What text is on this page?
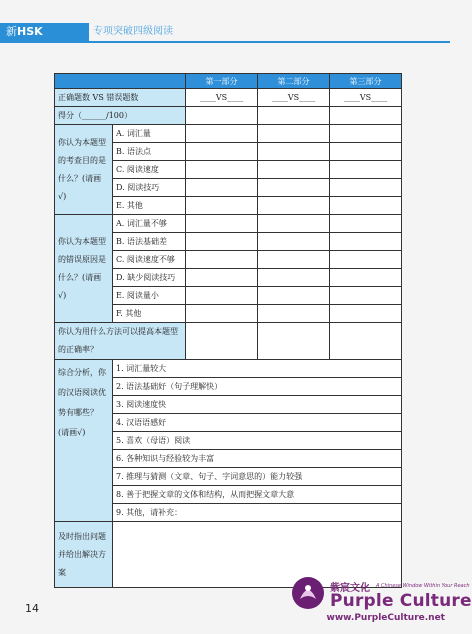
新HSK	专项突破四级阅读
		第一部分	第二部分	第三部分
正确题数 VS 错误题数		____VS____	____VS____	____VS____
得分（______/100）				
你认为本题型的考查目的是什么？(请画√)	A. 词汇量			
	B. 语法点			
	C. 阅读速度			
	D. 阅读技巧			
	E. 其他			
你认为本题型的错误原因是什么？(请画√)	A. 词汇量不够			
	B. 语法基础差			
	C. 阅读速度不够			
	D. 缺少阅读技巧			
	E. 阅读量小			
	F. 其他			
你认为用什么方法可以提高本题型的正确率？				
综合分析，你的汉语阅读优势有哪些？(请画√)	1. 词汇量较大			
	2. 语法基础好（句子理解快）			
	3. 阅读速度快			
	4. 汉语语感好			
	5. 喜欢（母语）阅读			
	6. 各种知识与经验较为丰富			
	7. 推理与猜测（文章、句子、字词意思的）能力较强			
	8. 善于把握文章的文体和结构，从而把握文章大意			
	9. 其他，请补充：			
及时指出问题并给出解决方案				
14
紫宸文化 A Chinese Window Within Your Reach
Purple Culture
www.PurpleCulture.net
